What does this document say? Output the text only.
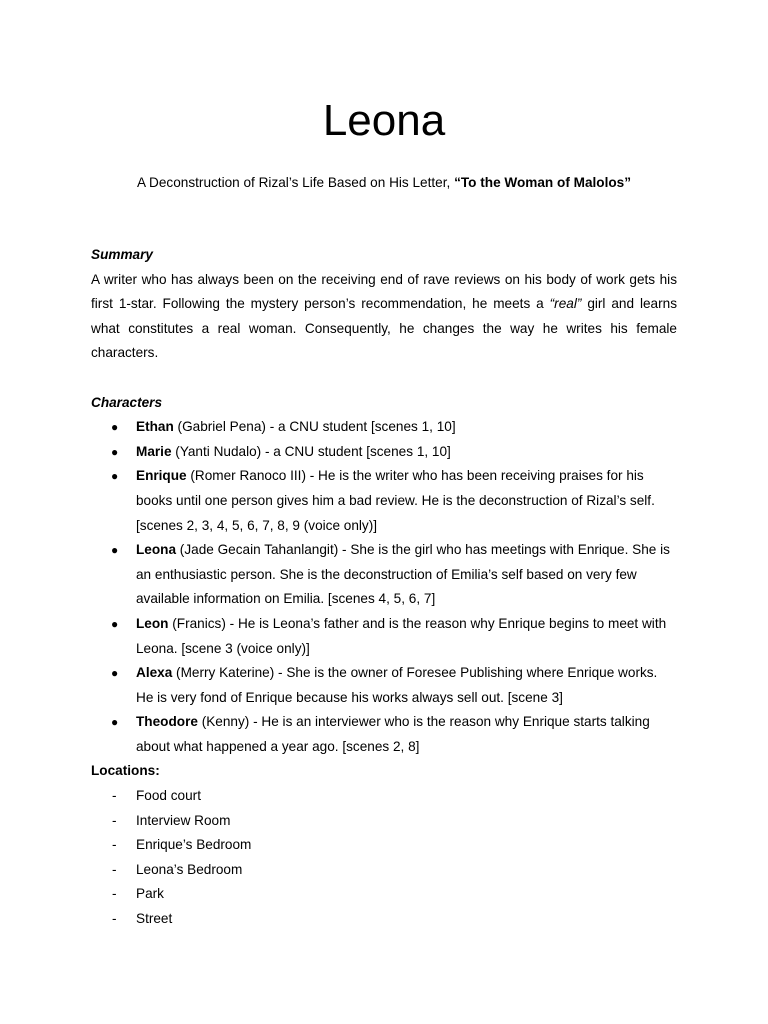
Leona
A Deconstruction of Rizal’s Life Based on His Letter, “To the Woman of Malolos”

Summary

A writer who has always been on the receiving end of rave reviews on his body of work gets his first 1-star. Following the mystery person’s recommendation, he meets a “real” girl and learns what constitutes a real woman. Consequently, he changes the way he writes his female characters.

Characters

● Ethan (Gabriel Pena) - a CNU student [scenes 1, 10]
● Marie (Yanti Nudalo) - a CNU student [scenes 1, 10]
● Enrique (Romer Ranoco III) - He is the writer who has been receiving praises for his books until one person gives him a bad review. He is the deconstruction of Rizal’s self. [scenes 2, 3, 4, 5, 6, 7, 8, 9 (voice only)]
● Leona (Jade Gecain Tahanlangit) - She is the girl who has meetings with Enrique. She is an enthusiastic person. She is the deconstruction of Emilia’s self based on very few available information on Emilia. [scenes 4, 5, 6, 7]
● Leon (Franics) - He is Leona’s father and is the reason why Enrique begins to meet with Leona. [scene 3 (voice only)]
● Alexa (Merry Katerine) - She is the owner of Foresee Publishing where Enrique works. He is very fond of Enrique because his works always sell out. [scene 3]
● Theodore (Kenny) - He is an interviewer who is the reason why Enrique starts talking about what happened a year ago. [scenes 2, 8]

Locations:

- Food court
- Interview Room
- Enrique’s Bedroom
- Leona’s Bedroom
- Park
- Street
